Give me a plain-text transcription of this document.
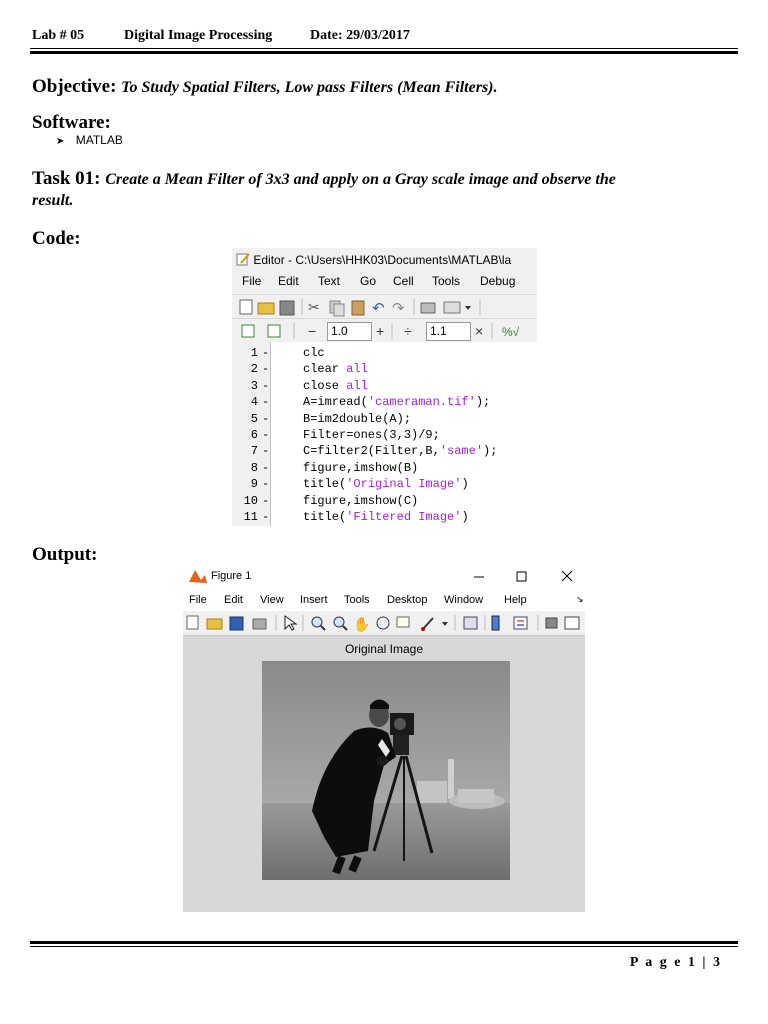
Lab # 05	Digital Image Processing	Date: 29/03/2017
Objective: To Study Spatial Filters, Low pass Filters (Mean Filters).
Software:
➤ MATLAB
Task 01: Create a Mean Filter of 3x3 and apply on a Gray scale image and observe the
result.
Code:
Editor - C:\Users\HHK03\Documents\MATLAB\la
File Edit Text Go Cell Tools Debug
✂	↶ ↷
−	+ ÷	× %√
1.0	1.1
1 -
2 -
3 -
4 -
5 -
6 -
7 -
8 -
9 -
10 -
11 -
clc
clear all
close all
A=imread('cameraman.tif');
B=im2double(A);
Filter=ones(3,3)/9;
C=filter2(Filter,B,'same');
figure,imshow(B)
title('Original Image')
figure,imshow(C)
title('Filtered Image')
Output:
Figure 1
File Edit View Insert Tools Desktop Window Help	↘
✋
Original Image
P a g e 1 | 3
